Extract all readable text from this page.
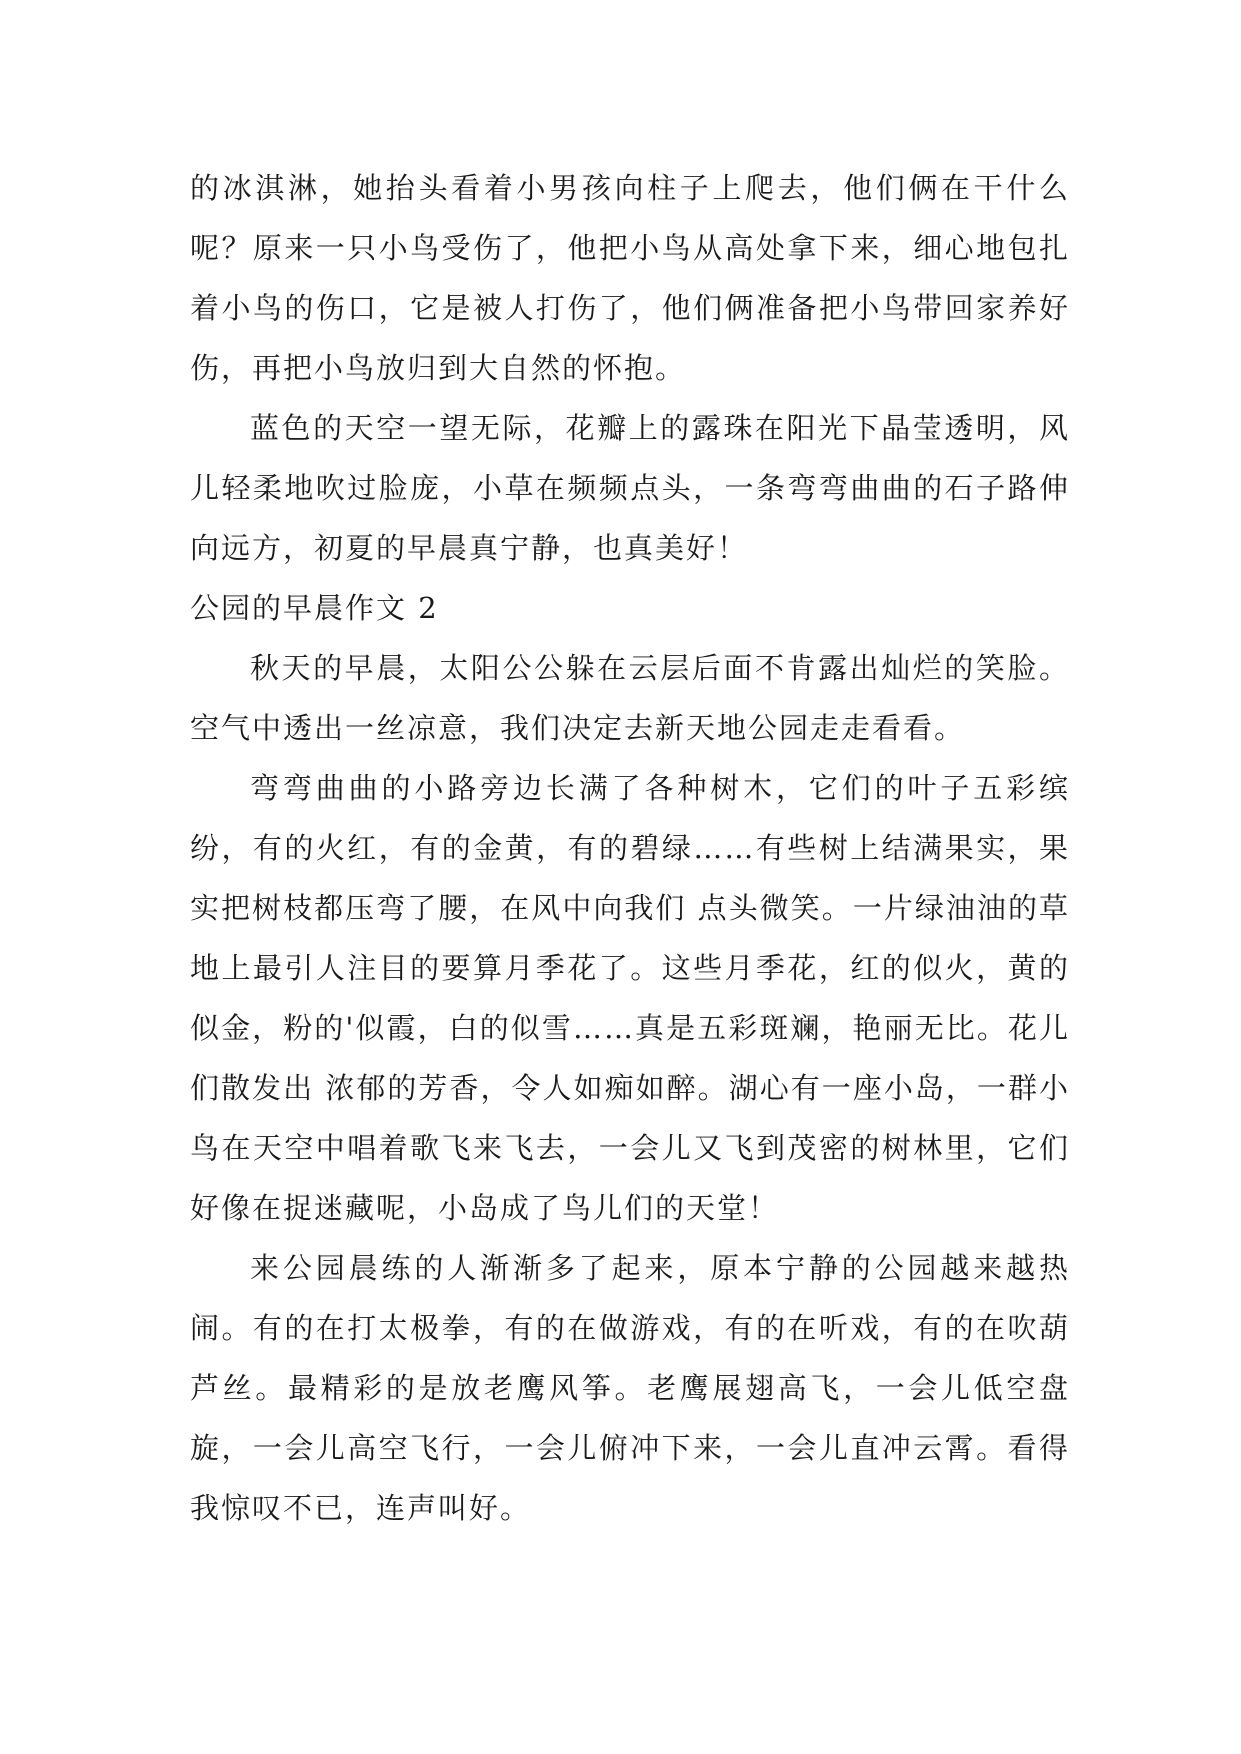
的冰淇淋，她抬头看着小男孩向柱子上爬去，他们俩在干什么呢？原来一只小鸟受伤了，他把小鸟从高处拿下来，细心地包扎着小鸟的伤口，它是被人打伤了，他们俩准备把小鸟带回家养好伤，再把小鸟放归到大自然的怀抱。

蓝色的天空一望无际，花瓣上的露珠在阳光下晶莹透明，风儿轻柔地吹过脸庞，小草在频频点头，一条弯弯曲曲的石子路伸向远方，初夏的早晨真宁静，也真美好！

公园的早晨作文 2

秋天的早晨，太阳公公躲在云层后面不肯露出灿烂的笑脸。空气中透出一丝凉意，我们决定去新天地公园走走看看。

弯弯曲曲的小路旁边长满了各种树木，它们的叶子五彩缤纷，有的火红，有的金黄，有的碧绿……有些树上结满果实，果实把树枝都压弯了腰，在风中向我们 点头微笑。一片绿油油的草地上最引人注目的要算月季花了。这些月季花，红的似火，黄的似金，粉的'似霞，白的似雪……真是五彩斑斓，艳丽无比。花儿们散发出 浓郁的芳香，令人如痴如醉。湖心有一座小岛，一群小鸟在天空中唱着歌飞来飞去，一会儿又飞到茂密的树林里，它们好像在捉迷藏呢，小岛成了鸟儿们的天堂！

来公园晨练的人渐渐多了起来，原本宁静的公园越来越热闹。有的在打太极拳，有的在做游戏，有的在听戏，有的在吹葫芦丝。最精彩的是放老鹰风筝。老鹰展翅高飞，一会儿低空盘旋，一会儿高空飞行，一会儿俯冲下来，一会儿直冲云霄。看得我惊叹不已，连声叫好。
